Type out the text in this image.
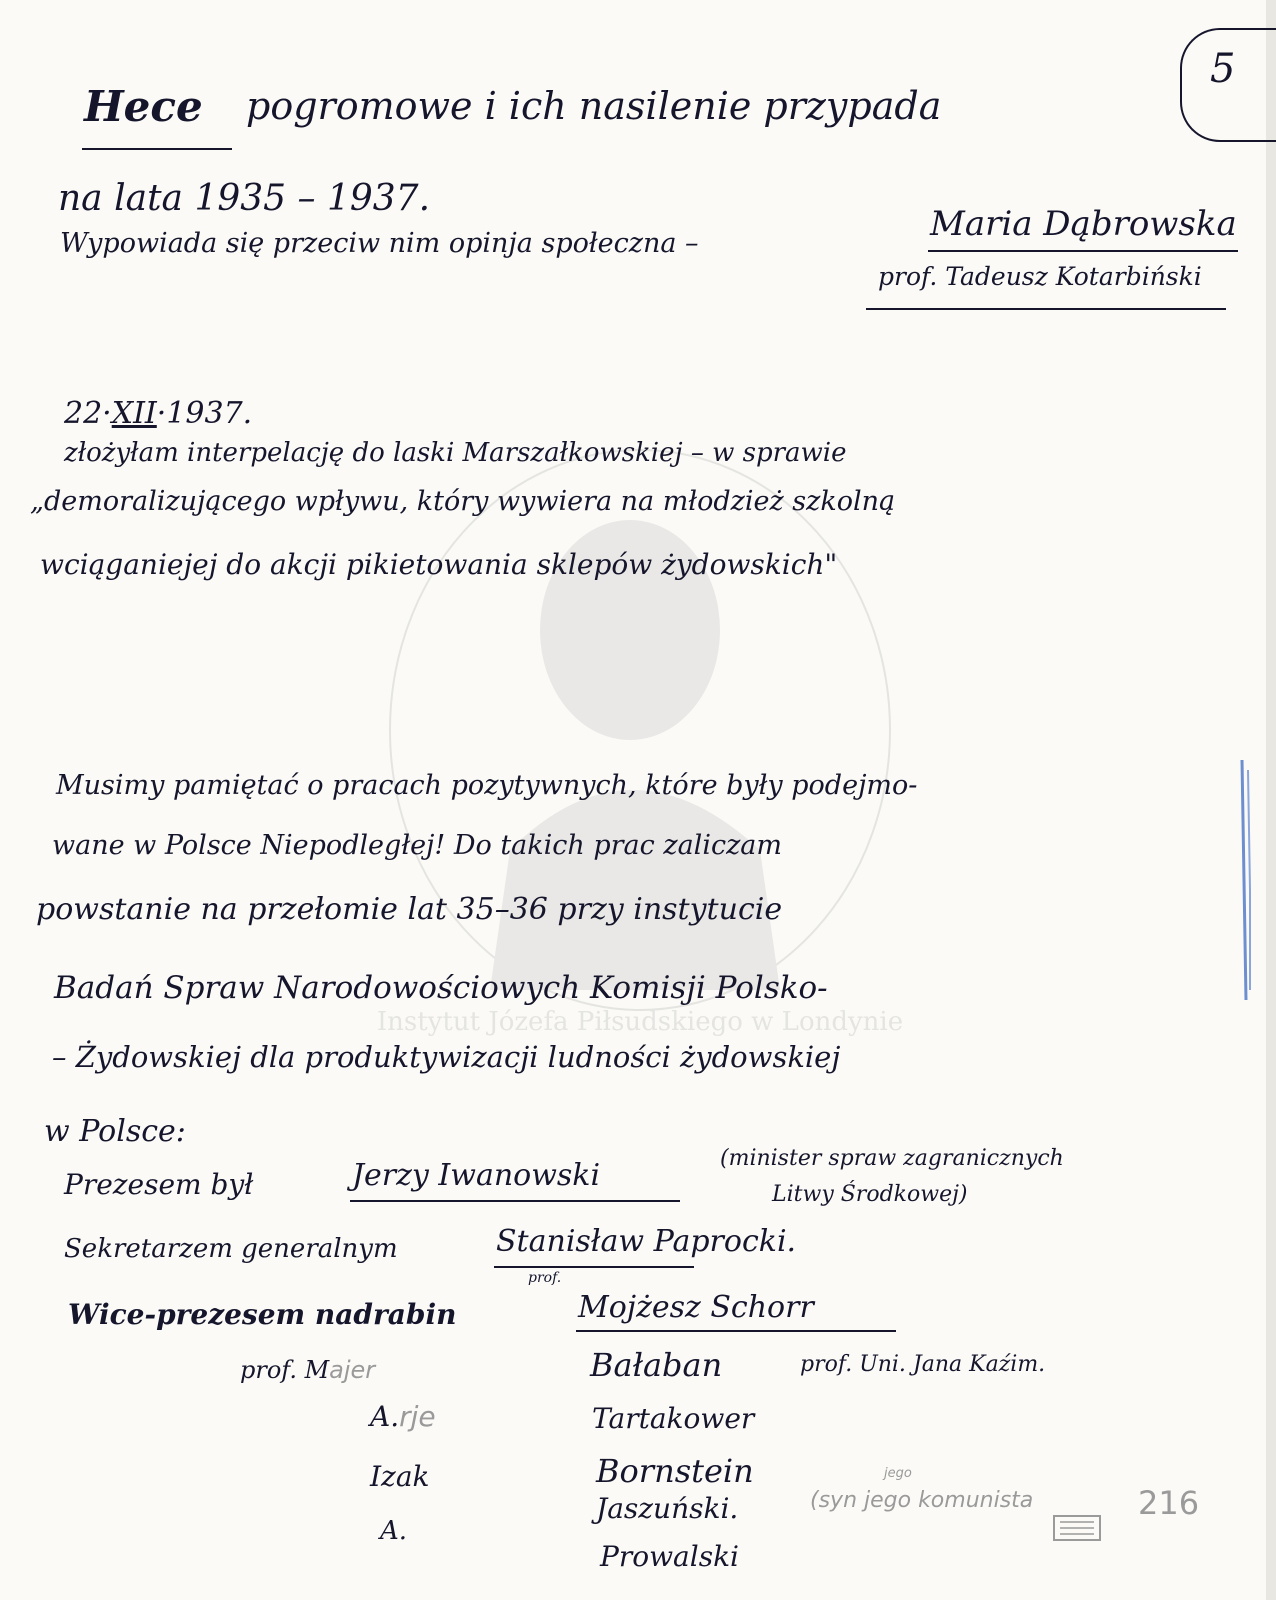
Instytut Józefa Piłsudskiego w Londynie
5
Hece pogromowe i ich nasilenie przypada
na lata 1935 – 1937.
Wypowiada się przeciw nim opinja społeczna –	Maria Dąbrowska
prof. Tadeusz Kotarbiński
22·XII·1937.
złożyłam interpelację do laski Marszałkowskiej – w sprawie
„demoralizującego wpływu, który wywiera na młodzież szkolną
wciąganiejej do akcji pikietowania sklepów żydowskich"
Musimy pamiętać o pracach pozytywnych, które były podejmo-
wane w Polsce Niepodległej! Do takich prac zaliczam
powstanie na przełomie lat 35–36 przy instytucie
Badań Spraw Narodowościowych Komisji Polsko-
– Żydowskiej dla produktywizacji ludności żydowskiej
w Polsce:
Prezesem był	Jerzy Iwanowski	(minister spraw zagranicznych
Litwy Środkowej)
Sekretarzem generalnym	Stanisław Paprocki.
Wice-prezesem nadrabin
prof.
Mojżesz Schorr
prof. Majer	Bałaban	prof. Uni. Jana Kaźim.
A.rje	Tartakower
Izak	Bornstein
A.
Jaszuński.
Prowalski
(syn jego komunista
jego
216
